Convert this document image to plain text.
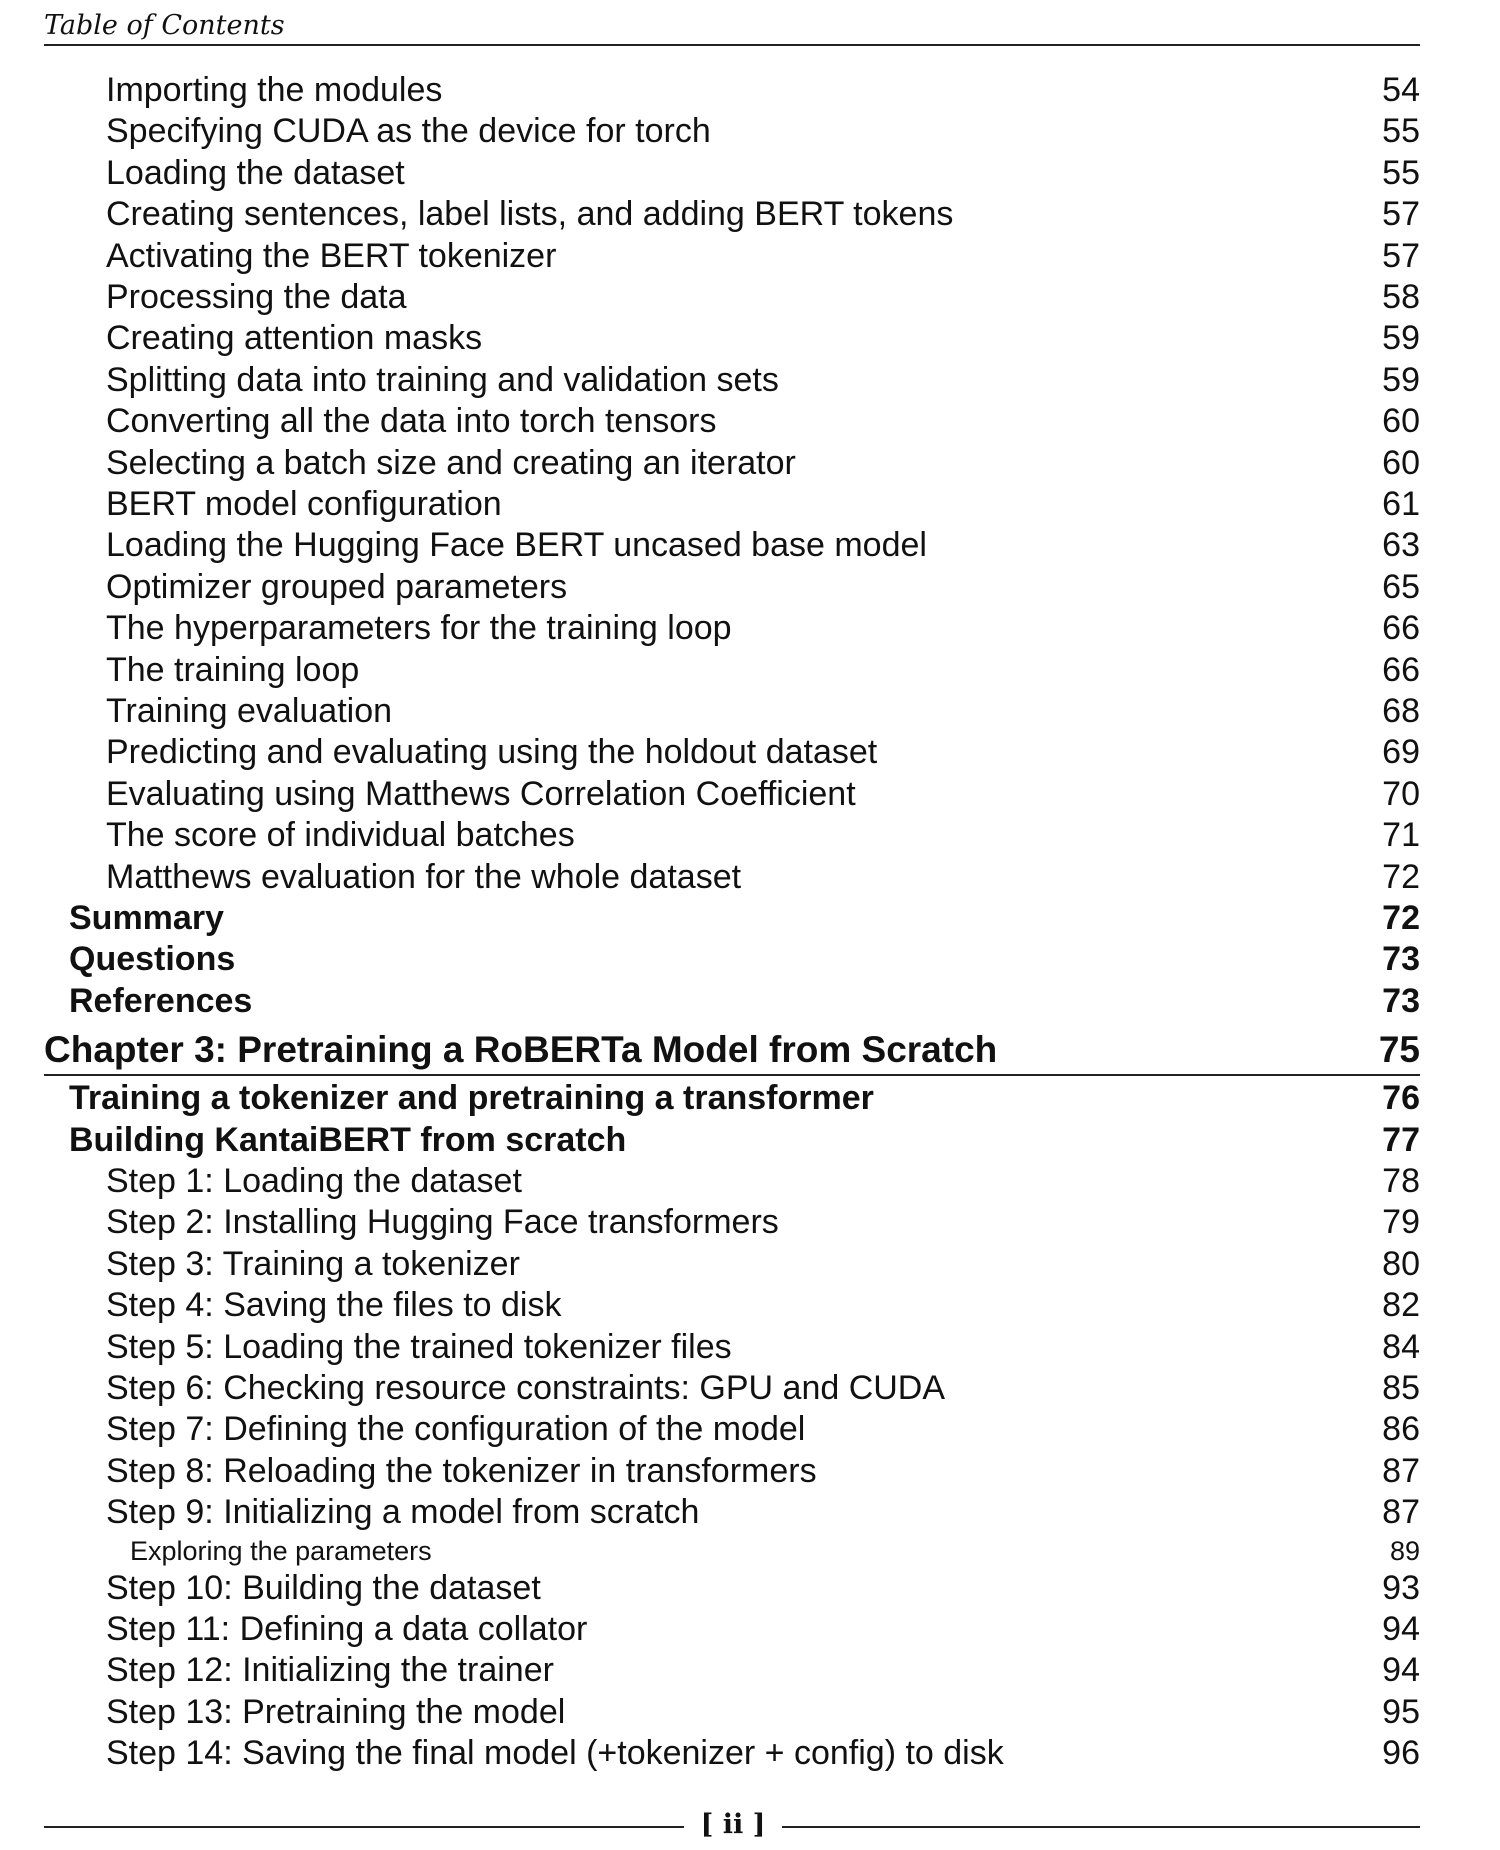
Table of Contents
Importing the modules	54
Specifying CUDA as the device for torch	55
Loading the dataset	55
Creating sentences, label lists, and adding BERT tokens	57
Activating the BERT tokenizer	57
Processing the data	58
Creating attention masks	59
Splitting data into training and validation sets	59
Converting all the data into torch tensors	60
Selecting a batch size and creating an iterator	60
BERT model configuration	61
Loading the Hugging Face BERT uncased base model	63
Optimizer grouped parameters	65
The hyperparameters for the training loop	66
The training loop	66
Training evaluation	68
Predicting and evaluating using the holdout dataset	69
Evaluating using Matthews Correlation Coefficient	70
The score of individual batches	71
Matthews evaluation for the whole dataset	72
Summary	72
Questions	73
References	73
Chapter 3: Pretraining a RoBERTa Model from Scratch	75
Training a tokenizer and pretraining a transformer	76
Building KantaiBERT from scratch	77
Step 1: Loading the dataset	78
Step 2: Installing Hugging Face transformers	79
Step 3: Training a tokenizer	80
Step 4: Saving the files to disk	82
Step 5: Loading the trained tokenizer files	84
Step 6: Checking resource constraints: GPU and CUDA	85
Step 7: Defining the configuration of the model	86
Step 8: Reloading the tokenizer in transformers	87
Step 9: Initializing a model from scratch	87
Exploring the parameters	89
Step 10: Building the dataset	93
Step 11: Defining a data collator	94
Step 12: Initializing the trainer	94
Step 13: Pretraining the model	95
Step 14: Saving the final model (+tokenizer + config) to disk	96
[ ii ]
